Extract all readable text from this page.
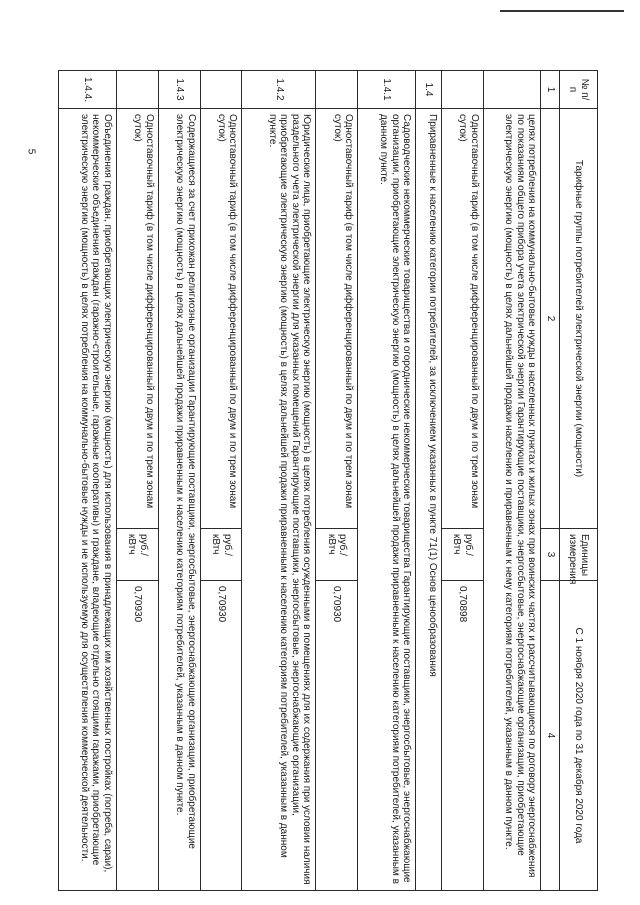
5
№ п/п	Тарифные группы потребителей электрической энергии (мощности)	Единицы измерения	С 1 ноября 2020 года по 31 декабря 2020 года
1	2	3	4
	целях потребления на коммунально-бытовые нужды в населенных пунктах и жилых зонах при воинских частях и рассчитывающиеся по договору энергоснабжения по показаниям общего прибора учета электрической энергии Гарантирующие поставщики, энергосбытовые, энергоснабжающие организации, приобретающие электрическую энергию (мощность) в целях дальнейшей продажи населению и приравненным к нему категориям потребителей, указанным в данном пункте.		
	Одноставочный тариф (в том числе дифференцированный по двум и по трем зонам суток)	руб./кВтч	0,70898
1.4	Приравненные к населению категории потребителей, за исключением указанных в пункте 71(1) Основ ценообразования		
1.4.1	Садоводческие некоммерческие товарищества и огороднические некоммерческие товарищества Гарантирующие поставщики, энергосбытовые, энергоснабжающие организации, приобретающие электрическую энергию (мощность) в целях дальнейшей продажи приравненным к населению категориям потребителей, указанным в данном пункте.		
	Одноставочный тариф (в том числе дифференцированный по двум и по трем зонам суток)	руб./кВтч	0,70930
1.4.2	Юридические лица, приобретающие электрическую энергию (мощность) в целях потребления осужденными в помещениях для их содержания при условии наличия раздельного учета электрической энергии для указанных помещений Гарантирующие поставщики, энергосбытовые, энергоснабжающие организации, приобретающие электрическую энергию (мощность) в целях дальнейшей продажи приравненным к населению категориям потребителей, указанным в данном пункте.		
	Одноставочный тариф (в том числе дифференцированный по двум и по трем зонам суток)	руб./кВтч	0,70930
1.4.3	Содержащиеся за счет прихожан религиозные организации Гарантирующие поставщики, энергосбытовые, энергоснабжающие организации, приобретающие электрическую энергию (мощность) в целях дальнейшей продажи приравненным к населению категориям потребителей, указанным в данном пункте.		
	Одноставочный тариф (в том числе дифференцированный по двум и по трем зонам суток)	руб./кВтч	0,70930
1.4.4.	Объединения граждан, приобретающих электрическую энергию (мощность) для использования в принадлежащих им хозяйственных постройках (погреба, сараи), некоммерческие объединения граждан (гаражно-строительные, гаражные кооперативы) и граждане, владеющие отдельно стоящими гаражами, приобретающие электрическую энергию (мощность) в целях потребления на коммунально-бытовые нужды и не используемую для осуществления коммерческой деятельности.		
